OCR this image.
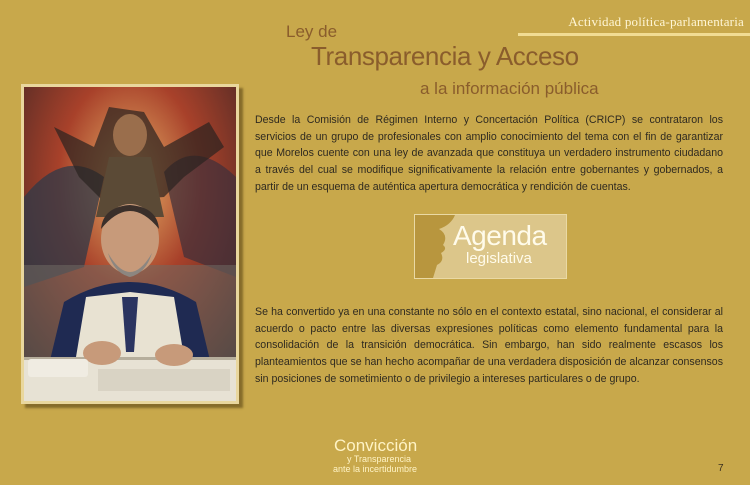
Actividad política-parlamentaria
Ley de
Transparencia y Acceso
a la información pública
Desde la Comisión de Régimen Interno y Concertación Política (CRICP) se contrataron los servicios de un grupo de profesionales con amplio conocimiento del tema con el fin de garantizar que Morelos cuente con una ley de avanzada que constituya un verdadero instrumento ciudadano a través del cual se modifique significativamente la relación entre gobernantes y gobernados, a partir de un esquema de auténtica apertura democrática y rendición de cuentas.
Agenda
legislativa
Se ha convertido ya en una constante no sólo en el contexto estatal, sino nacional, el considerar al acuerdo o pacto entre las diversas expresiones políticas como elemento fundamental para la consolidación de la transición democrática. Sin embargo, han sido realmente escasos los planteamientos que se han hecho acompañar de una verdadera disposición de alcanzar consensos sin posiciones de sometimiento o de privilegio a intereses particulares o de grupo.
Convicción
y Transparencia
ante la incertidumbre	7
